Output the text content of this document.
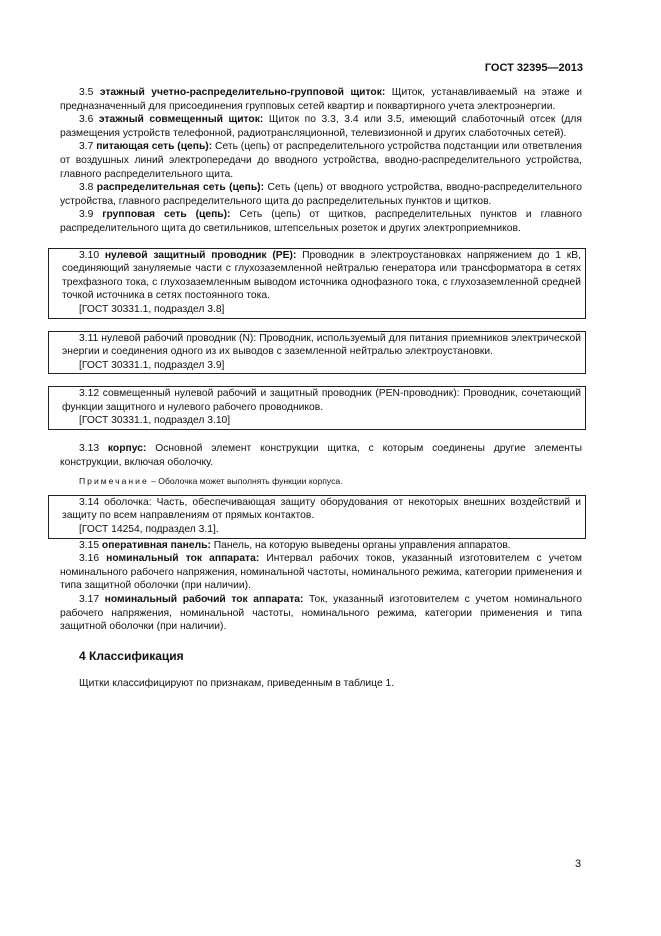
ГОСТ 32395—2013

3.5 этажный учетно-распределительно-групповой щиток: Щиток, устанавливаемый на этаже и предназначенный для присоединения групповых сетей квартир и поквартирного учета электроэнергии.

3.6 этажный совмещенный щиток: Щиток по 3.3, 3.4 или 3.5, имеющий слаботочный отсек (для размещения устройств телефонной, радиотрансляционной, телевизионной и других слаботочных сетей).

3.7 питающая сеть (цепь): Сеть (цепь) от распределительного устройства подстанции или ответвления от воздушных линий электропередачи до вводного устройства, вводно-распределительного устройства, главного распределительного щита.

3.8 распределительная сеть (цепь): Сеть (цепь) от вводного устройства, вводно-распределительного устройства, главного распределительного щита до распределительных пунктов и щитков.

3.9 групповая сеть (цепь): Сеть (цепь) от щитков, распределительных пунктов и главного распределительного щита до светильников, штепсельных розеток и других электроприемников.

3.10 нулевой защитный проводник (PE): Проводник в электроустановках напряжением до 1 кВ, соединяющий зануляемые части с глухозаземленной нейтралью генератора или трансформатора в сетях трехфазного тока, с глухозаземленным выводом источника однофазного тока, с глухозаземленной средней точкой источника в сетях постоянного тока.

[ГОСТ 30331.1, подраздел 3.8]

3.11 нулевой рабочий проводник (N): Проводник, используемый для питания приемников электрической энергии и соединения одного из их выводов с заземленной нейтралью электроустановки.

[ГОСТ 30331.1, подраздел 3.9]

3.12 совмещенный нулевой рабочий и защитный проводник (PEN-проводник): Проводник, сочетающий функции защитного и нулевого рабочего проводников.

[ГОСТ 30331.1, подраздел 3.10]

3.13 корпус: Основной элемент конструкции щитка, с которым соединены другие элементы конструкции, включая оболочку.

Примечание – Оболочка может выполнять функции корпуса.

3.14 оболочка: Часть, обеспечивающая защиту оборудования от некоторых внешних воздействий и защиту по всем направлениям от прямых контактов.

[ГОСТ 14254, подраздел 3.1].

3.15 оперативная панель: Панель, на которую выведены органы управления аппаратов.

3.16 номинальный ток аппарата: Интервал рабочих токов, указанный изготовителем с учетом номинального рабочего напряжения, номинальной частоты, номинального режима, категории применения и типа защитной оболочки (при наличии).

3.17 номинальный рабочий ток аппарата: Ток, указанный изготовителем с учетом номинального рабочего напряжения, номинальной частоты, номинального режима, категории применения и типа защитной оболочки (при наличии).

4 Классификация

Щитки классифицируют по признакам, приведенным в таблице 1.

3
